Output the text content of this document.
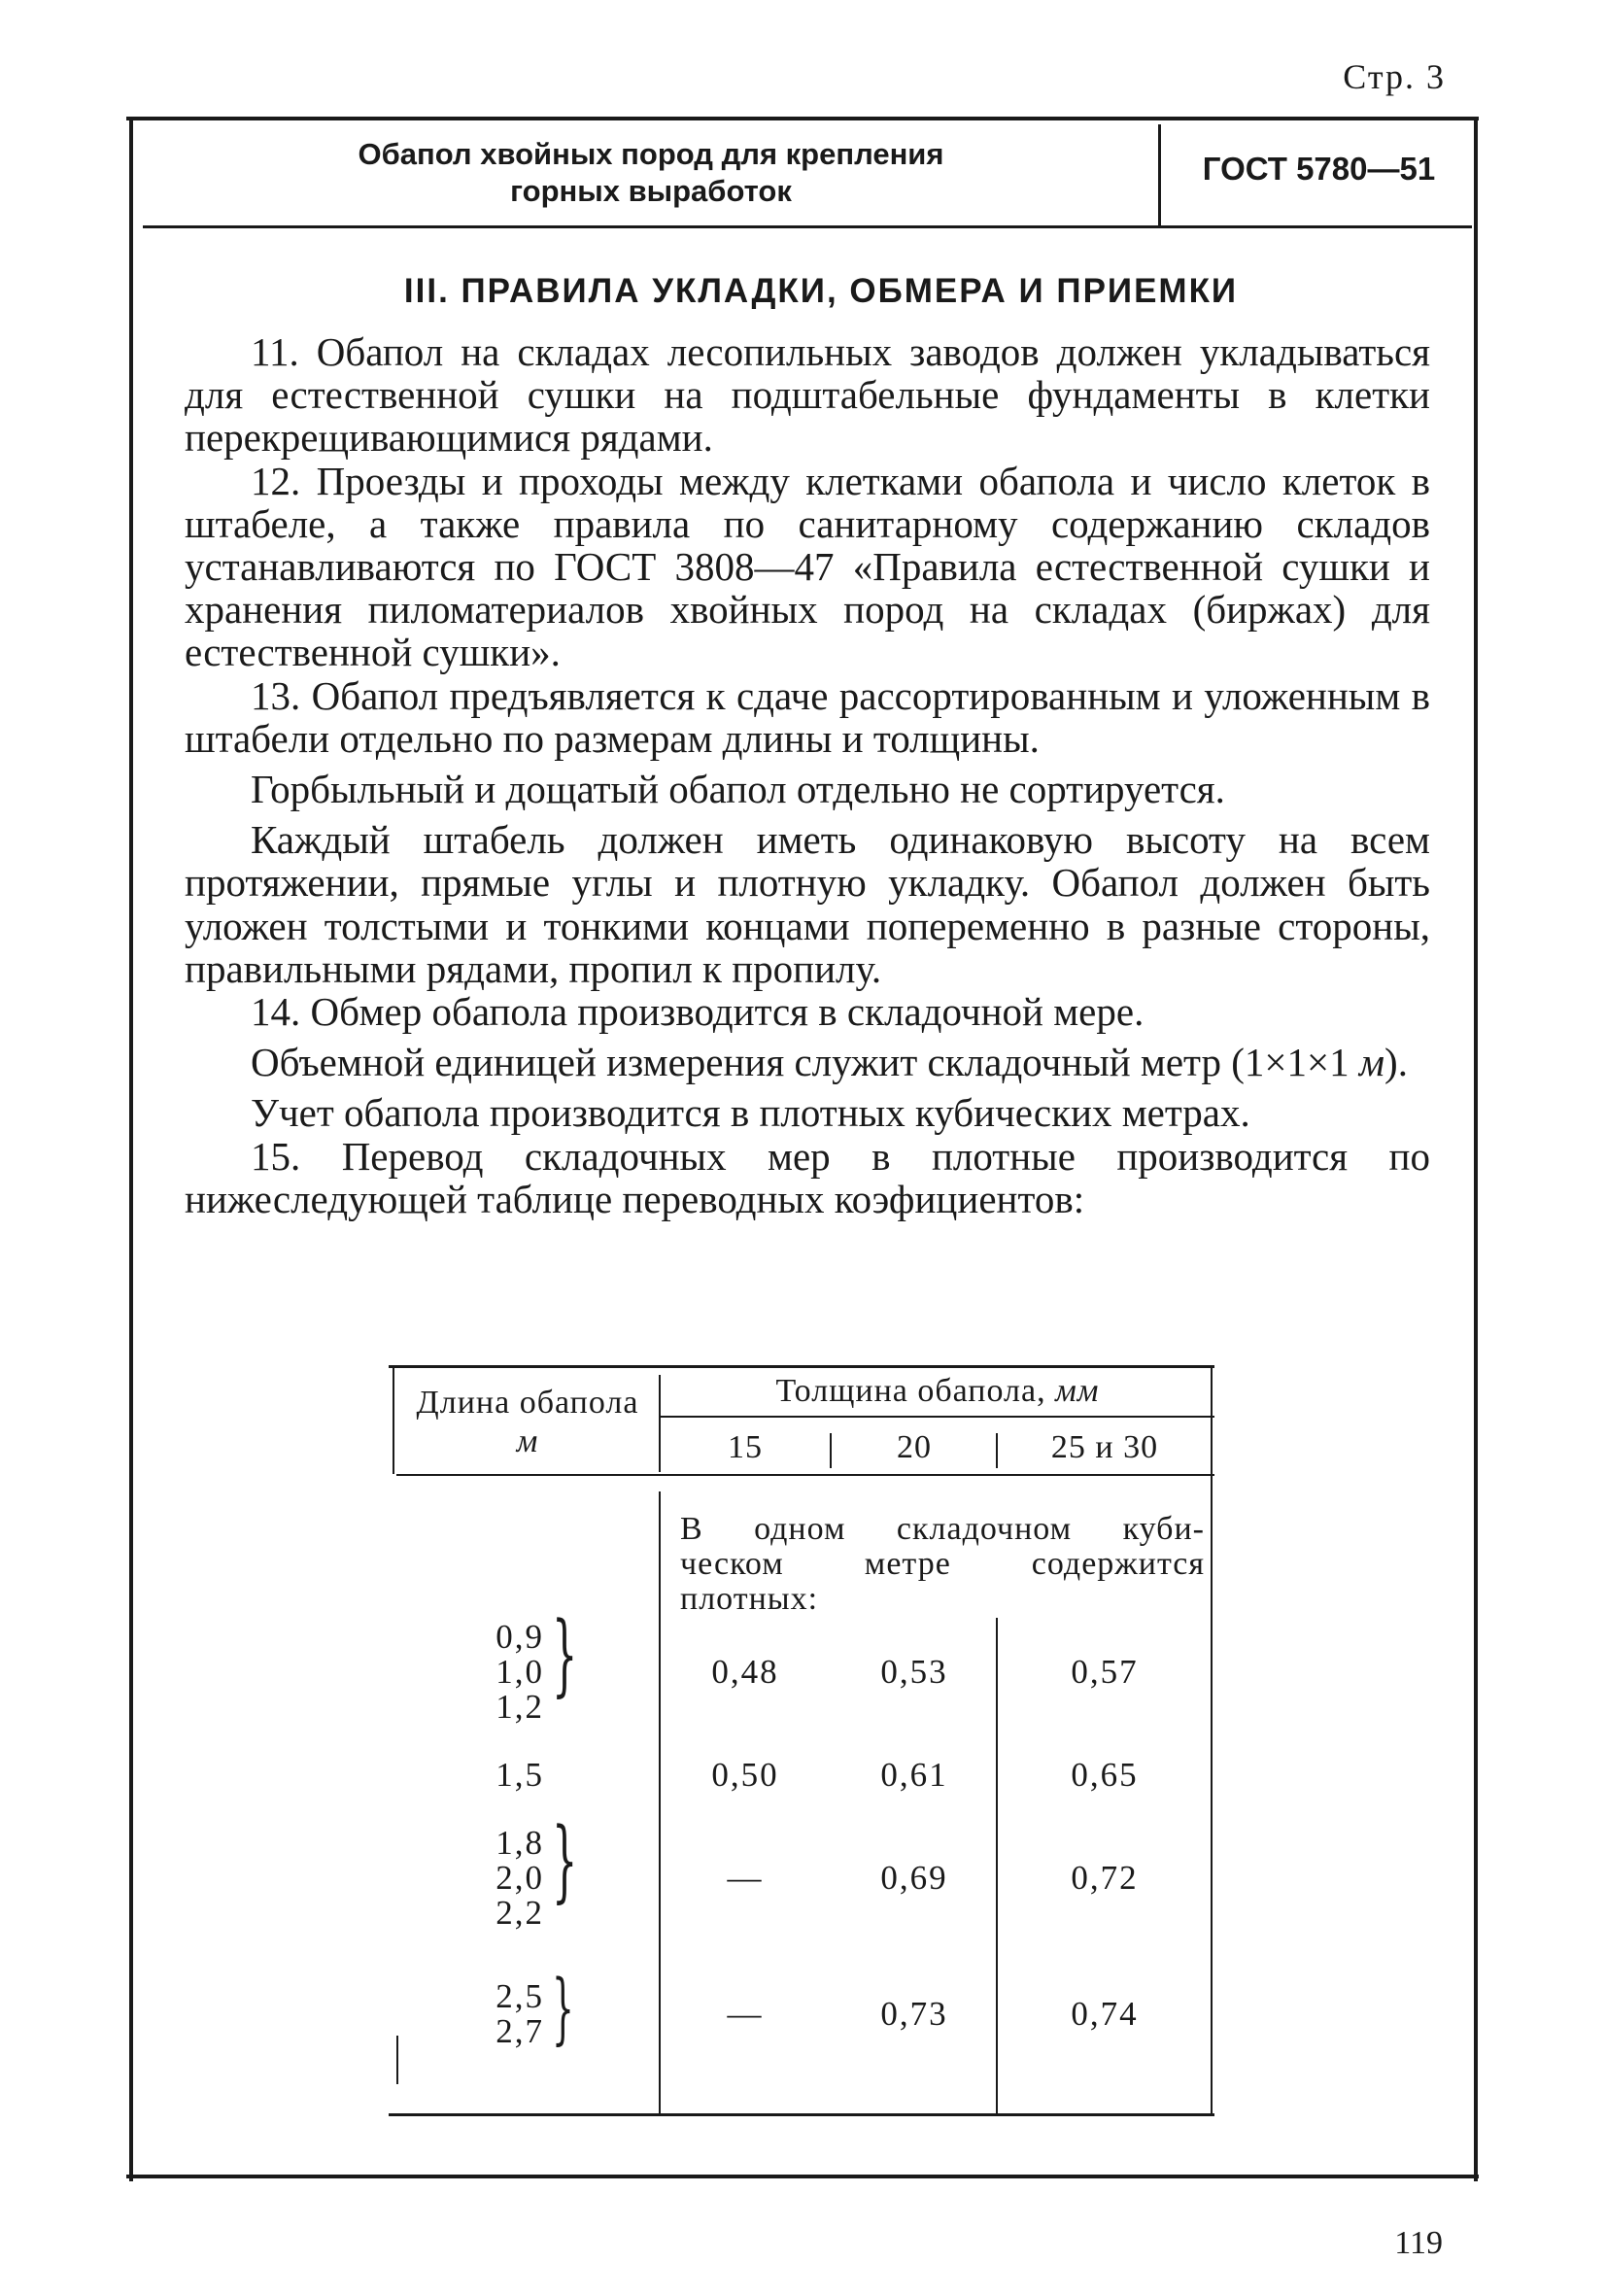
Стр. 3
Обапол хвойных пород для крепления
горных выработок
ГОСТ 5780—51
III. ПРАВИЛА УКЛАДКИ, ОБМЕРА И ПРИЕМКИ

11. Обапол на складах лесопильных заводов должен укладываться для естественной сушки на подштабельные фундаменты в клетки перекрещивающимися рядами.

12. Проезды и проходы между клетками обапола и число клеток в штабеле, а также правила по санитарному содержанию складов устанавливаются по ГОСТ 3808—47 «Правила естественной сушки и хранения пиломатериалов хвойных пород на складах (биржах) для естественной сушки».

13. Обапол предъявляется к сдаче рассортированным и уложенным в штабели отдельно по размерам длины и толщины.

Горбыльный и дощатый обапол отдельно не сортируется.

Каждый штабель должен иметь одинаковую высоту на всем протяжении, прямые углы и плотную укладку. Обапол должен быть уложен толстыми и тонкими концами попеременно в разные стороны, правильными рядами, пропил к пропилу.

14. Обмер обапола производится в складочной мере.

Объемной единицей измерения служит складочный метр (1×1×1 м).

Учет обапола производится в плотных кубических метрах.

15. Перевод складочных мер в плотные производится по нижеследующей таблице переводных коэфициентов:

Длина обапола
м
Толщина обапола, мм
15	20	25 и 30
В одном складочном куби-
ческом метре содержится
плотных:
0,9
1,0
1,2
}	0,48	0,53	0,57
1,5	0,50	0,61	0,65
1,8
2,0
2,2
}	—	0,69	0,72
2,5
2,7 }	—	0,73	0,74
119
